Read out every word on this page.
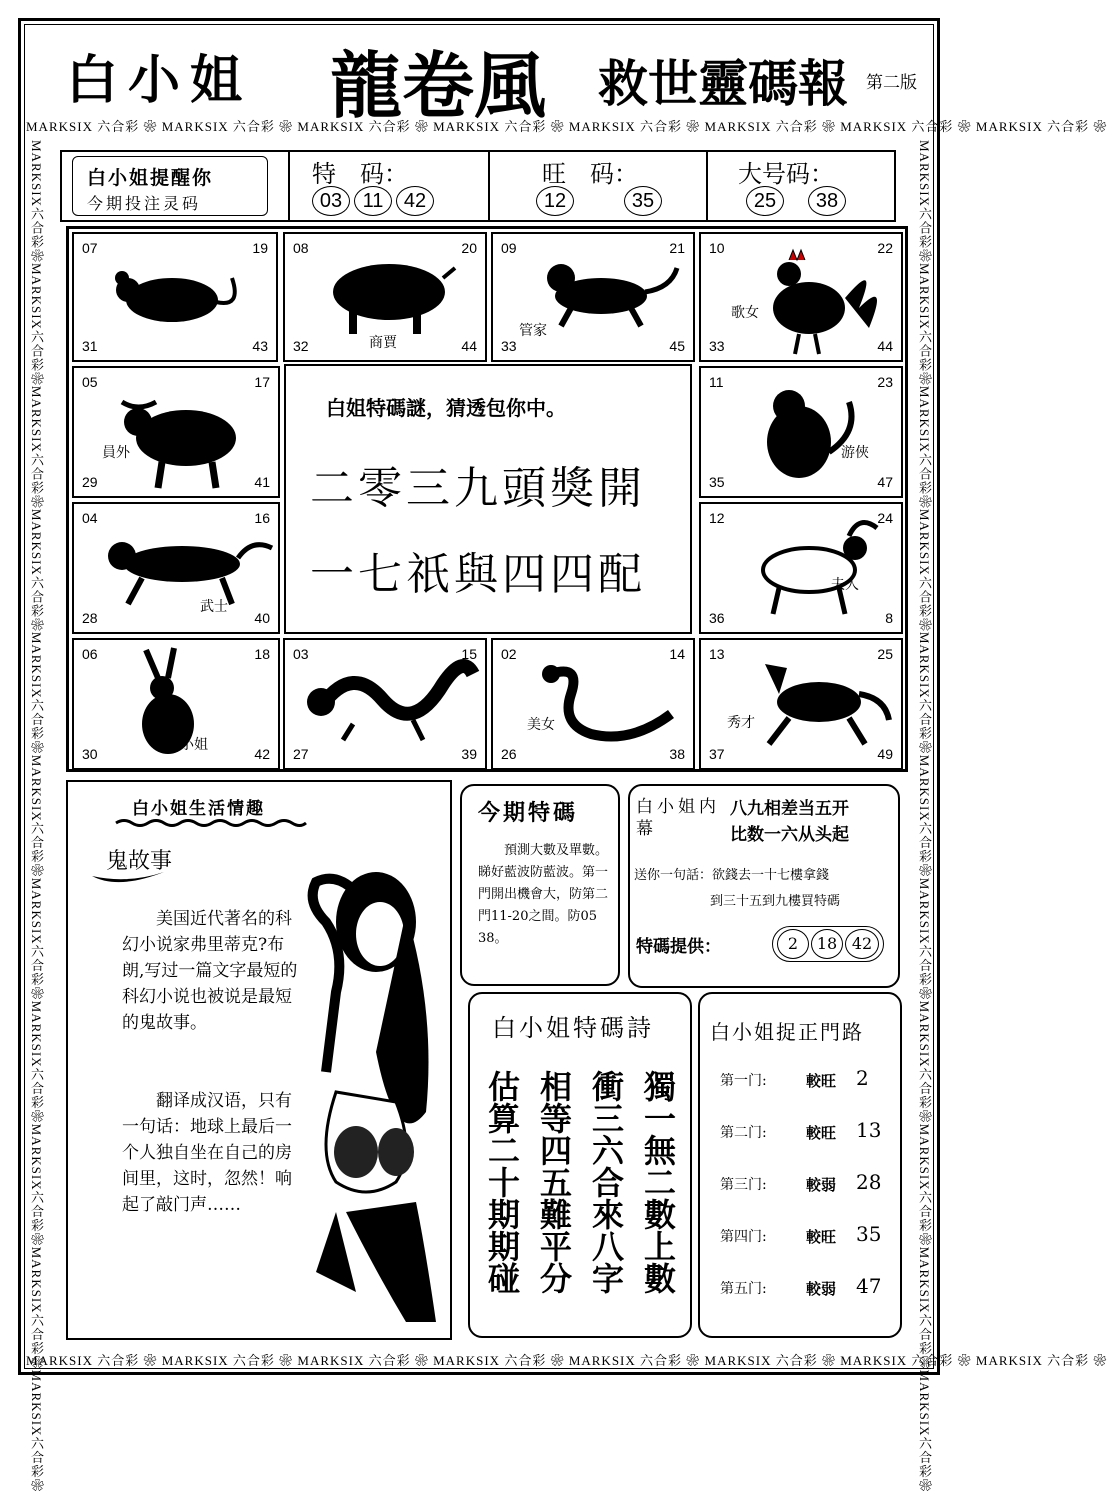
白小姐 龍卷風 救世靈碼報 第二版
MARKSIX 六合彩 ❀ MARKSIX 六合彩 ❀ MARKSIX 六合彩 ❀ MARKSIX 六合彩 ❀ MARKSIX 六合彩 ❀ MARKSIX 六合彩 ❀ MARKSIX 六合彩 ❀ MARKSIX 六合彩 ❀
MARKSIX 六合彩 ❀ MARKSIX 六合彩 ❀ MARKSIX 六合彩 ❀ MARKSIX 六合彩 ❀ MARKSIX 六合彩 ❀ MARKSIX 六合彩 ❀ MARKSIX 六合彩 ❀ MARKSIX 六合彩 ❀
MARKSIX六合彩❀MARKSIX六合彩❀MARKSIX六合彩❀MARKSIX六合彩❀MARKSIX六合彩❀MARKSIX六合彩❀MARKSIX六合彩❀MARKSIX六合彩❀MARKSIX六合彩❀MARKSIX六合彩❀MARKSIX六合彩❀	MARKSIX六合彩❀MARKSIX六合彩❀MARKSIX六合彩❀MARKSIX六合彩❀MARKSIX六合彩❀MARKSIX六合彩❀MARKSIX六合彩❀MARKSIX六合彩❀MARKSIX六合彩❀MARKSIX六合彩❀MARKSIX六合彩❀
白小姐提醒你
今期投注灵码
特　码：
03 11 42
旺　码：
12	35
大号码：
25 38
07	19
31	43
08	20
32	44
商賈
09	21
33	45
管家
10	22
33	44
歌女
05	17
29	41
員外
11	23
35	47
游俠
04	16
28	40
武士
12	24
36	8
夫人
06	18
30	42
小姐
03	15
27	39
02	14
26	38
美女
13	25
37	49
秀才
白姐特碼謎，猜透包你中。
二零三九頭獎開
一七祇與四四配
白小姐生活情趣
鬼故事
美国近代著名的科幻小说家弗里蒂克?布朗,写过一篇文字最短的科幻小说也被说是最短的鬼故事。
翻译成汉语，只有一句话：地球上最后一个人独自坐在自己的房间里，这时，忽然！响起了敲门声……
今期特碼
預測大數及單數。睇好藍波防藍波。第一門開出機會大，防第二門11-20之間。防05 38。
白小姐内幕
八九相差当五开
比数一六从头起
送你一句話：欲錢去一十七樓拿錢
到三十五到九樓買特碼
特碼提供：	2	18 42
白小姐特碼詩
獨一無二數上數
衝三六合來八字
相等四五難平分
估算二十期期碰
白小姐捉正門路
第一门:	較旺 2
第二门:	較旺 13
第三门:	較弱 28
第四门:	較旺 35
第五门:	較弱 47
